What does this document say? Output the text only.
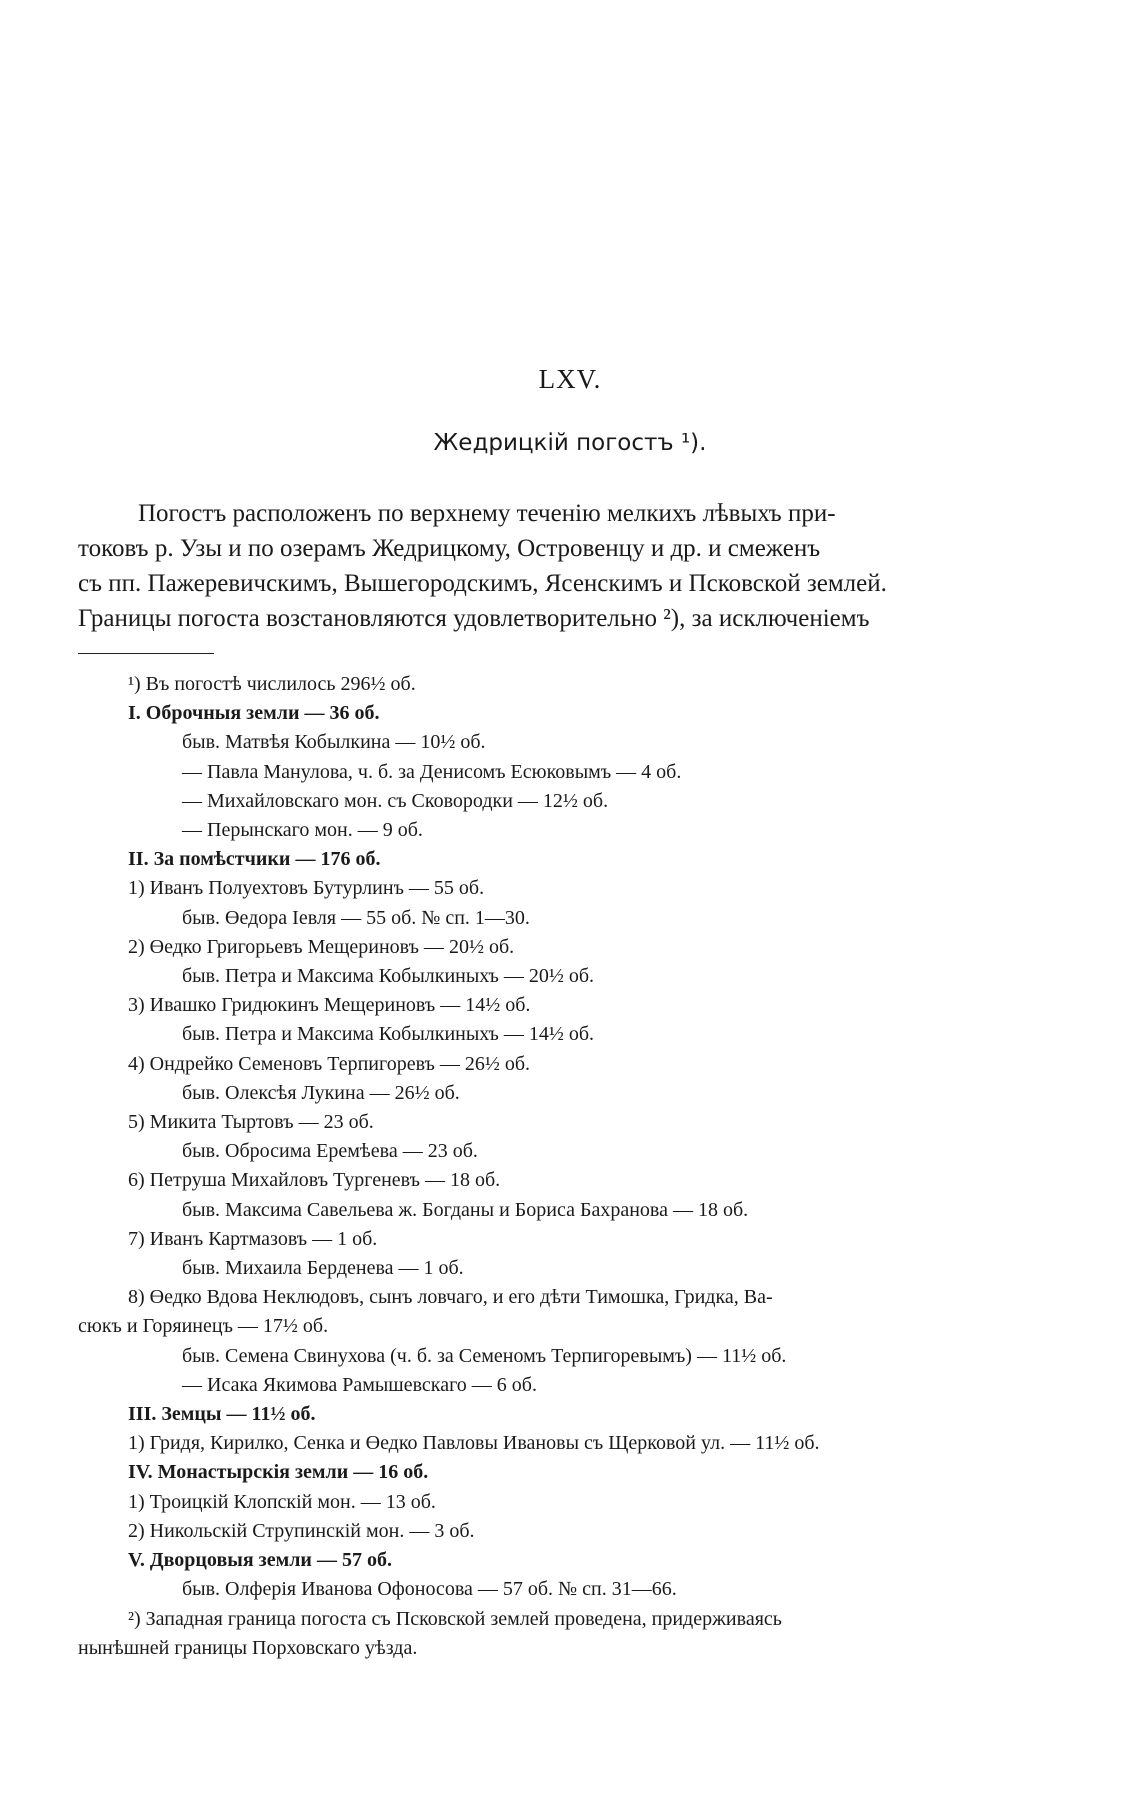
LXV.
Жедрицкій погостъ ¹).
Погостъ расположенъ по верхнему теченію мелкихъ лѣвыхъ при-
токовъ р. Узы и по озерамъ Жедрицкому, Островенцу и др. и смеженъ
съ пп. Пажеревичскимъ, Вышегородскимъ, Ясенскимъ и Псковской землей.
Границы погоста возстановляются удовлетворительно ²), за исключеніемъ
¹) Въ погостѣ числилось 296½ об.
I. Оброчныя земли — 36 об.
быв. Матвѣя Кобылкина — 10½ об.
— Павла Манулова, ч. б. за Денисомъ Есюковымъ — 4 об.
— Михайловскаго мон. съ Сковородки — 12½ об.
— Перынскаго мон. — 9 об.
II. За помѣстчики — 176 об.
1) Иванъ Полуехтовъ Бутурлинъ — 55 об.
быв. Өедора Іевля — 55 об. № сп. 1—30.
2) Өедко Григорьевъ Мещериновъ — 20½ об.
быв. Петра и Максима Кобылкиныхъ — 20½ об.
3) Ивашко Гридюкинъ Мещериновъ — 14½ об.
быв. Петра и Максима Кобылкиныхъ — 14½ об.
4) Ондрейко Семеновъ Терпигоревъ — 26½ об.
быв. Олексѣя Лукина — 26½ об.
5) Микита Тыртовъ — 23 об.
быв. Обросима Еремѣева — 23 об.
6) Петруша Михайловъ Тургеневъ — 18 об.
быв. Максима Савельева ж. Богданы и Бориса Бахранова — 18 об.
7) Иванъ Картмазовъ — 1 об.
быв. Михаила Берденева — 1 об.
8) Өедко Вдова Неклюдовъ, сынъ ловчаго, и его дѣти Тимошка, Гридка, Ва-
сюкъ и Горяинецъ — 17½ об.
быв. Семена Свинухова (ч. б. за Семеномъ Терпигоревымъ) — 11½ об.
— Исака Якимова Рамышевскаго — 6 об.
III. Земцы — 11½ об.
1) Гридя, Кирилко, Сенка и Өедко Павловы Ивановы съ Щерковой ул. — 11½ об.
IV. Монастырскія земли — 16 об.
1) Троицкій Клопскій мон. — 13 об.
2) Никольскій Струпинскій мон. — 3 об.
V. Дворцовыя земли — 57 об.
быв. Олферія Иванова Офоносова — 57 об. № сп. 31—66.
²) Западная граница погоста съ Псковской землей проведена, придерживаясь
нынѣшней границы Порховскаго уѣзда.
